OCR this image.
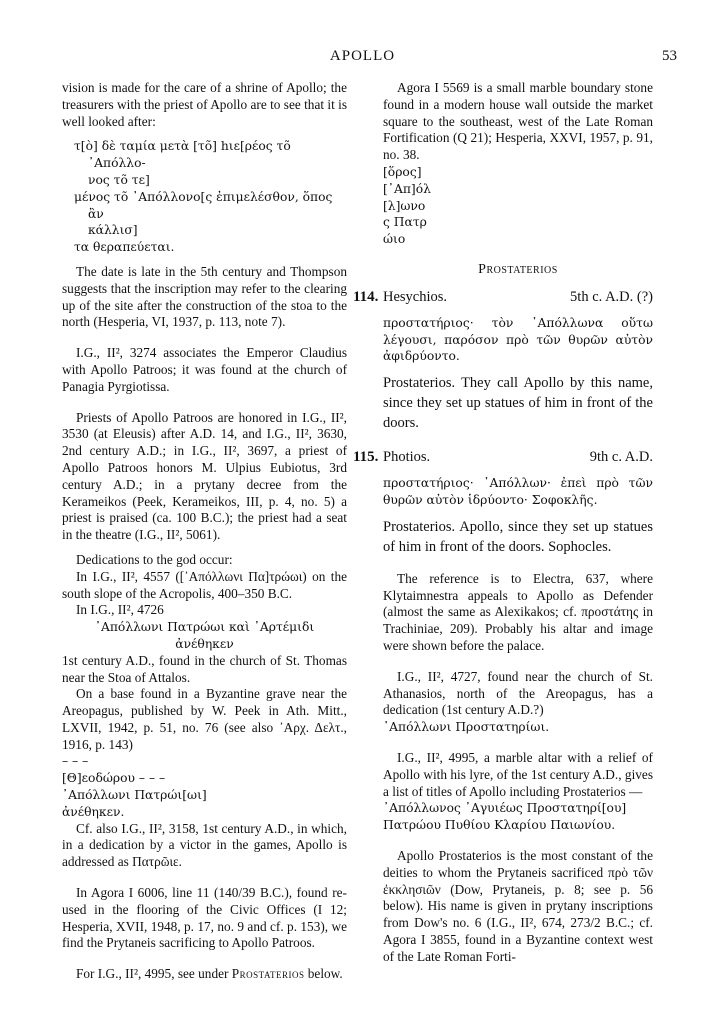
APOLLO	53

vision is made for the care of a shrine of Apollo; the treasurers with the priest of Apollo are to see that it is well looked after:

τ[ὸ] δὲ ταμία μετὰ [τõ] hιε[ρέος τõ ᾽Απόλλο-
νος τõ τε]
μένος τõ ᾽Απόλλονο[ς ἐπιμελέσθον, ὅπος ἂν
κάλλισ]
τα θεραπεύεται.

The date is late in the 5th century and Thompson suggests that the inscription may refer to the clearing up of the site after the construction of the stoa to the north (Hesperia, VI, 1937, p. 113, note 7).

I.G., II², 3274 associates the Emperor Claudius with Apollo Patroos; it was found at the church of Panagia Pyrgiotissa.

Priests of Apollo Patroos are honored in I.G., II², 3530 (at Eleusis) after A.D. 14, and I.G., II², 3630, 2nd century A.D.; in I.G., II², 3697, a priest of Apollo Patroos honors M. Ulpius Eubiotus, 3rd century A.D.; in a prytany decree from the Kerameikos (Peek, Kerameikos, III, p. 4, no. 5) a priest is praised (ca. 100 B.C.); the priest had a seat in the theatre (I.G., II², 5061).

Dedications to the god occur:

In I.G., II², 4557 ([᾽Απόλλωνι Πα]τρώωι) on the south slope of the Acropolis, 400–350 B.C.

In I.G., II², 4726

᾽Απόλλωνι Πατρώωι καὶ ᾽Αρτέμιδι
ἀνέθηκεν

1st century A.D., found in the church of St. Thomas near the Stoa of Attalos.

On a base found in a Byzantine grave near the Areopagus, published by W. Peek in Ath. Mitt., LXVII, 1942, p. 51, no. 76 (see also ᾽Αρχ. Δελτ., 1916, p. 143)

– – –
[Θ]εοδώρου – – –
᾽Απόλλωνι Πατρώι[ωι]
ἀνέθηκεν.

Cf. also I.G., II², 3158, 1st century A.D., in which, in a dedication by a victor in the games, Apollo is addressed as Πατρῶιε.

In Agora I 6006, line 11 (140/39 B.C.), found re-used in the flooring of the Civic Offices (I 12; Hesperia, XVII, 1948, p. 17, no. 9 and cf. p. 153), we find the Prytaneis sacrificing to Apollo Patroos.

For I.G., II², 4995, see under Prostaterios below.

Agora I 5569 is a small marble boundary stone found in a modern house wall outside the market square to the southeast, west of the Late Roman Fortification (Q 21); Hesperia, XXVI, 1957, p. 91, no. 38.

[ὅρος]
[᾽Απ]όλ
[λ]ωνο
ς Πατρ
ώιο
Prostaterios
114. Hesychios.	5th c. A.D. (?)

προστατήριος· τὸν ᾽Απόλλωνα οὕτω λέγουσι, παρόσον πρὸ τῶν θυρῶν αὐτὸν ἀφιδρύοντο.

Prostaterios. They call Apollo by this name, since they set up statues of him in front of the doors.

115. Photios.	9th c. A.D.

προστατήριος· ᾽Απόλλων· ἐπεὶ πρὸ τῶν θυρῶν αὐτὸν ἱδρύοντο· Σοφοκλῆς.

Prostaterios. Apollo, since they set up statues of him in front of the doors. Sophocles.

The reference is to Electra, 637, where Klytaimnestra appeals to Apollo as Defender (almost the same as Alexikakos; cf. προστάτης in Trachiniae, 209). Probably his altar and image were shown before the palace.

I.G., II², 4727, found near the church of St. Athanasios, north of the Areopagus, has a dedication (1st century A.D.?)

᾽Απόλλωνι Προστατηρίωι.

I.G., II², 4995, a marble altar with a relief of Apollo with his lyre, of the 1st century A.D., gives a list of titles of Apollo including Prostaterios —

᾽Απόλλωνος ᾽Αγυιέως Προστατηρί[ου]
Πατρώου Πυθίου Κλαρίου Παιωνίου.

Apollo Prostaterios is the most constant of the deities to whom the Prytaneis sacrificed πρὸ τῶν ἐκκλησιῶν (Dow, Prytaneis, p. 8; see p. 56 below). His name is given in prytany inscriptions from Dow's no. 6 (I.G., II², 674, 273/2 B.C.; cf. Agora I 3855, found in a Byzantine context west of the Late Roman Forti-
